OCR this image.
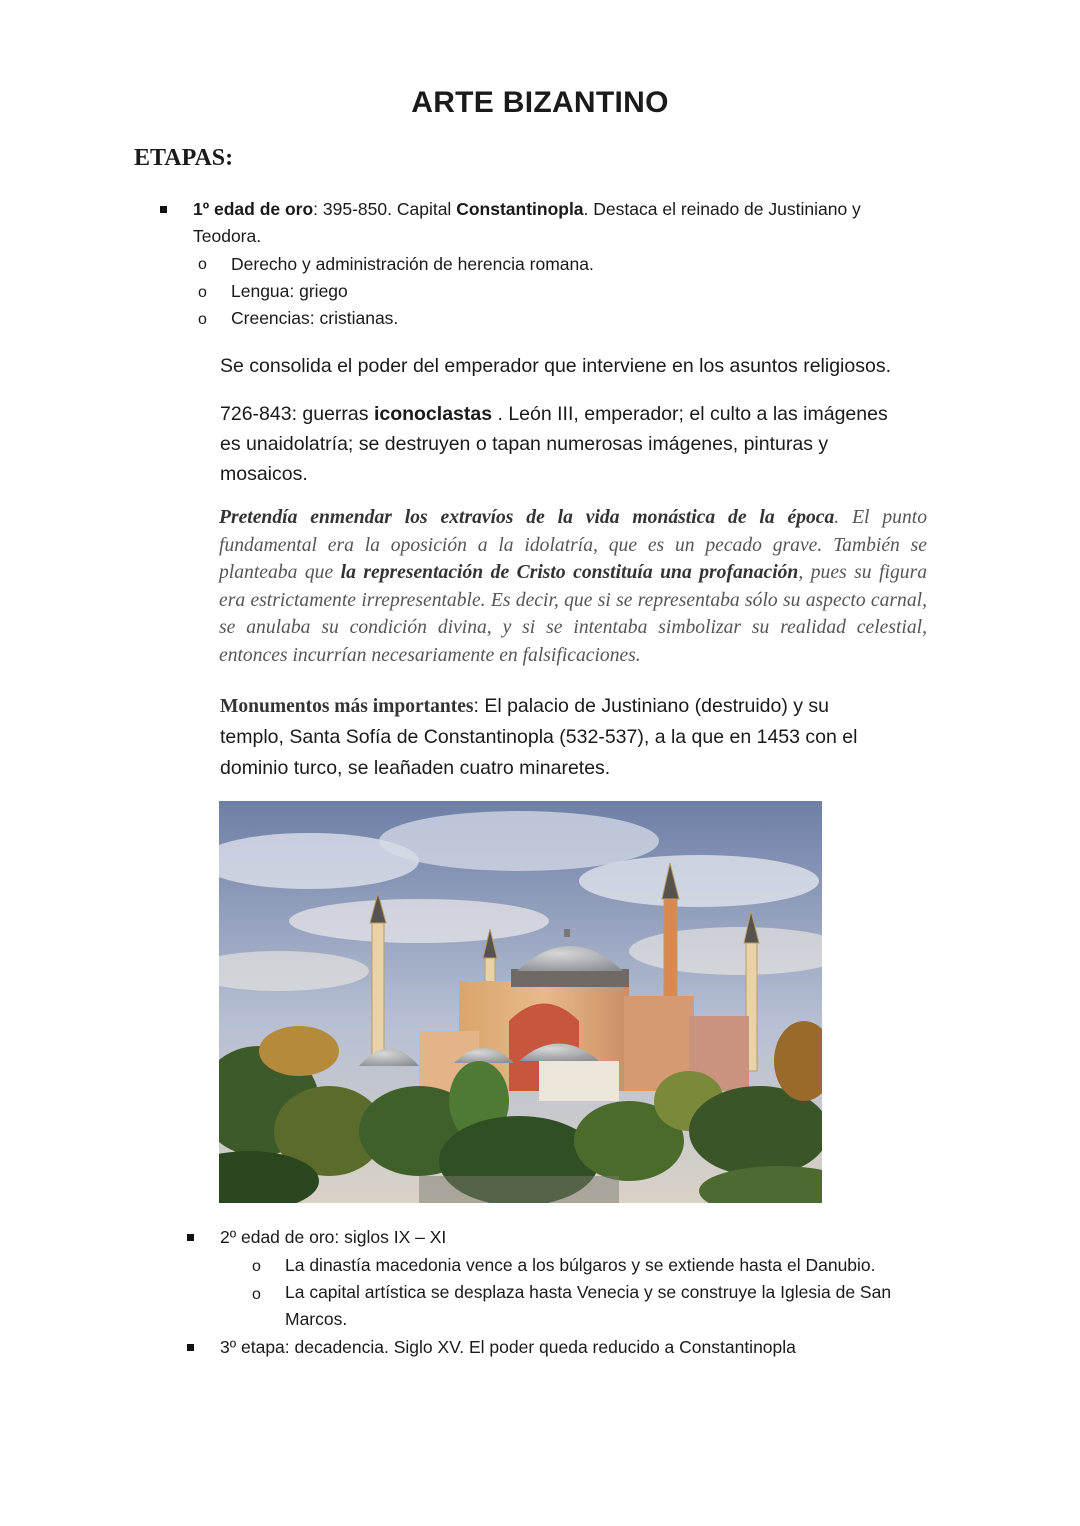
ARTE BIZANTINO
ETAPAS:
1º edad de oro: 395-850. Capital Constantinopla. Destaca el reinado de Justiniano y
Teodora.
o Derecho y administración de herencia romana.
o Lengua: griego
o Creencias: cristianas.
Se consolida el poder del emperador que interviene en los asuntos religiosos.
726-843: guerras iconoclastas . León III, emperador; el culto a las imágenes
es unaidolatría; se destruyen o tapan numerosas imágenes, pinturas y
mosaicos.
Pretendía enmendar los extravíos de la vida monástica de la época. El punto fundamental era la oposición a la idolatría, que es un pecado grave. También se planteaba que la representación de Cristo constituía una profanación, pues su figura era estrictamente irrepresentable. Es decir, que si se representaba sólo su aspecto carnal, se anulaba su condición divina, y si se intentaba simbolizar su realidad celestial, entonces incurrían necesariamente en falsificaciones.
Monumentos más importantes: El palacio de Justiniano (destruido) y su
templo, Santa Sofía de Constantinopla (532-537), a la que en 1453 con el
dominio turco, se leañaden cuatro minaretes.
2º edad de oro: siglos IX – XI
o La dinastía macedonia vence a los búlgaros y se extiende hasta el Danubio.
o La capital artística se desplaza hasta Venecia y se construye la Iglesia de San
Marcos.
3º etapa: decadencia. Siglo XV. El poder queda reducido a Constantinopla
